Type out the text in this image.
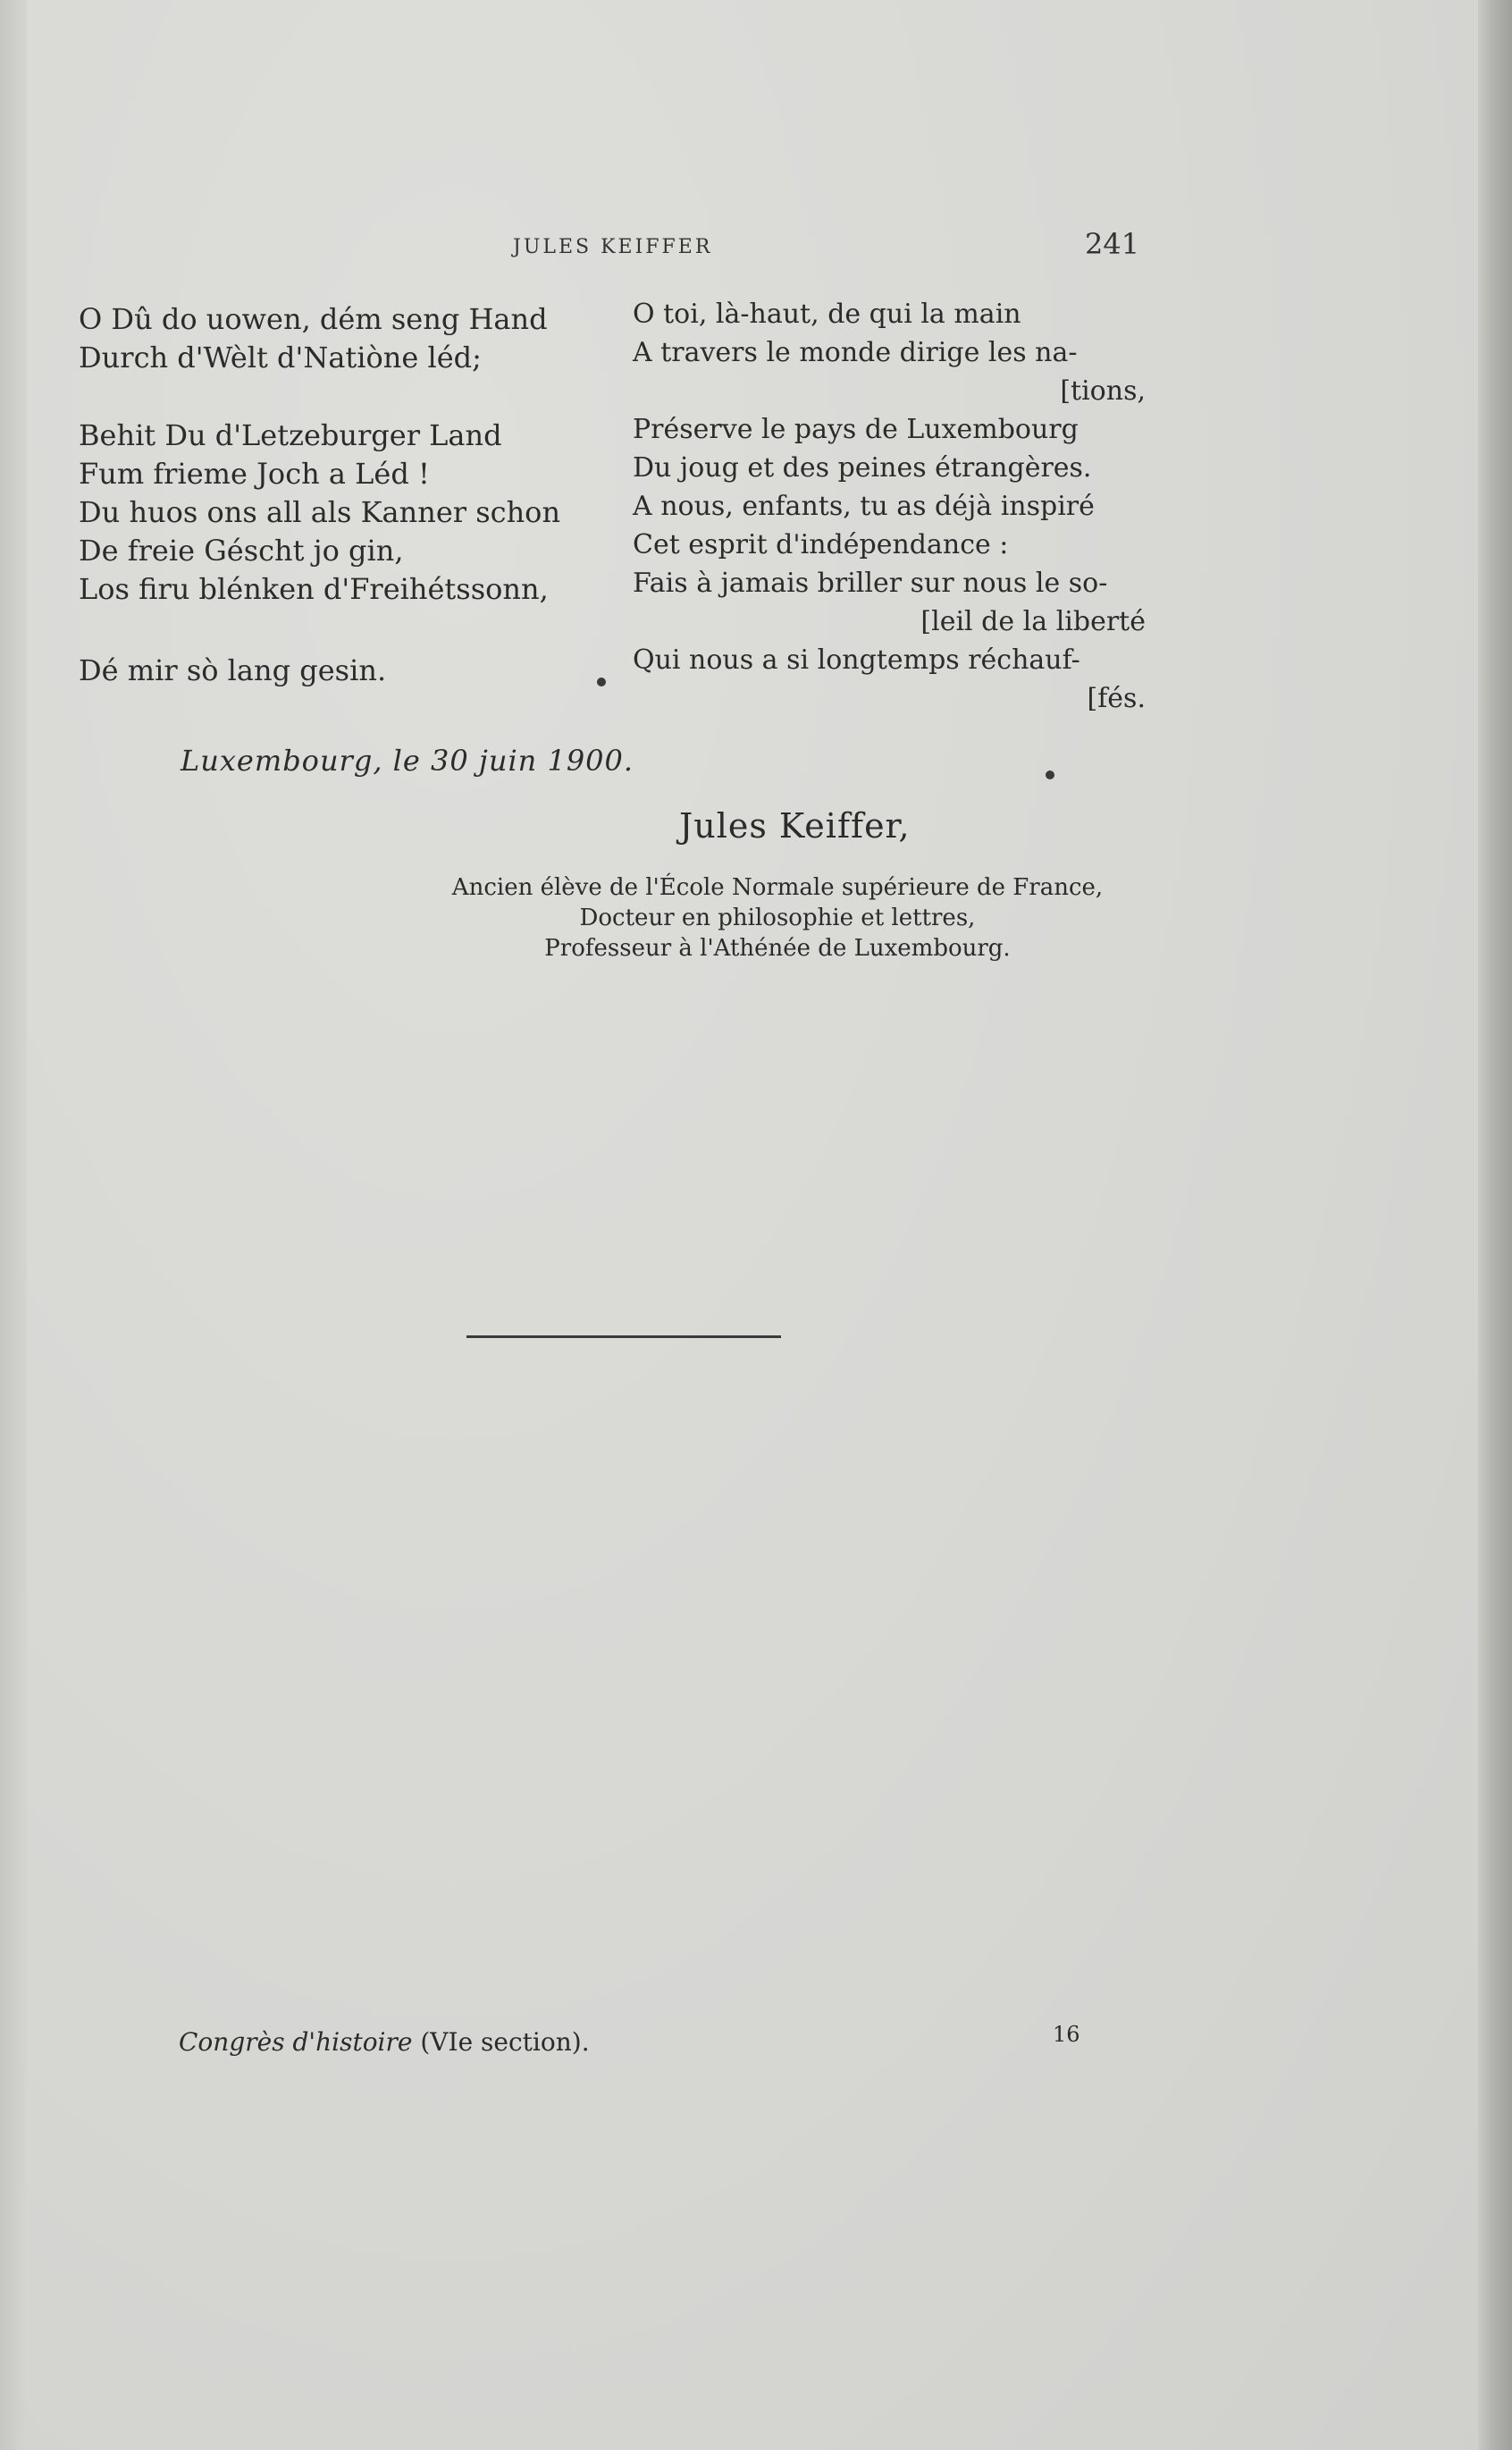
JULES KEIFFER	241
O Dû do uowen, dém seng Hand
Durch d'Wèlt d'Natiòne léd;
Behit Du d'Letzeburger Land
Fum frieme Joch a Léd !
Du huos ons all als Kanner schon
De freie Géscht jo gin,
Los firu blénken d'Freihétssonn,
Dé mir sò lang gesin.
O toi, là-haut, de qui la main
A travers le monde dirige les na-
[tions,
Préserve le pays de Luxembourg
Du joug et des peines étrangères.
A nous, enfants, tu as déjà inspiré
Cet esprit d'indépendance :
Fais à jamais briller sur nous le so-
[leil de la liberté
Qui nous a si longtemps réchauf-
[fés.
Luxembourg, le 30 juin 1900.
Jules Keiffer,
Ancien élève de l'École Normale supérieure de France,
Docteur en philosophie et lettres,
Professeur à l'Athénée de Luxembourg.
Congrès d'histoire (VIe section).	16
